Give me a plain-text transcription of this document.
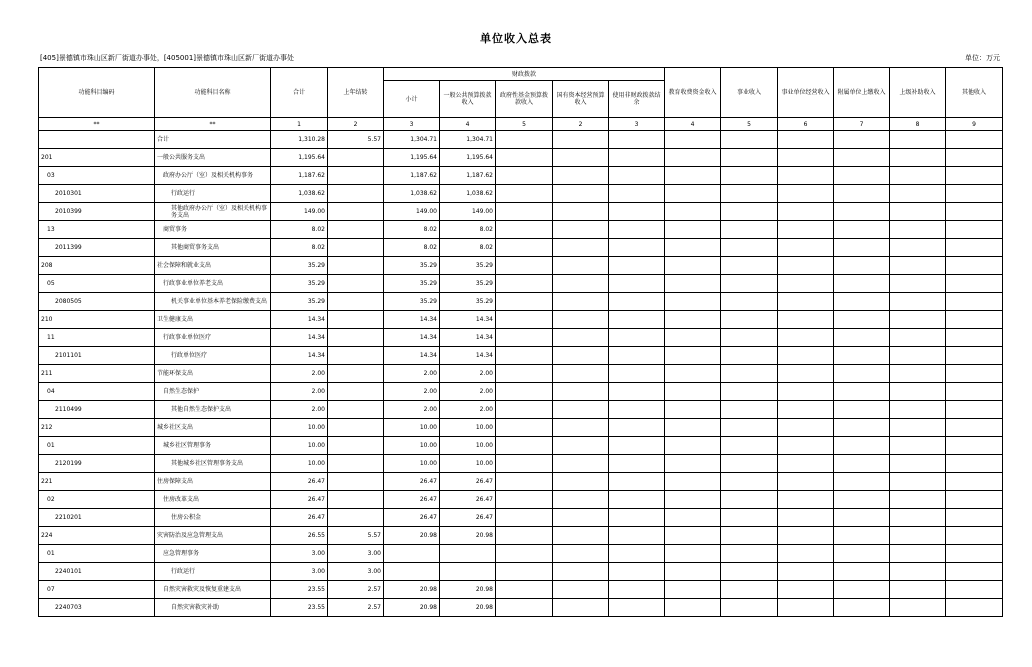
单位收入总表
[405]景德镇市珠山区新厂街道办事处，[405001]景德镇市珠山区新厂街道办事处	单位：万元
功能科目编码	功能科目名称	合计	上年结转	财政拨款					教育收费资金收入	事业收入	事业单位经营收入	附属单位上缴收入	上级补助收入	其他收入
				小计	一般公共预算拨款收入	政府性基金预算拨款收入	国有资本经营预算收入	使用非财政拨款结余						
**	**	1	2	3	4	5	2	3	4	5	6	7	8	9
	合计	1,310.28	5.57	1,304.71	1,304.71									
201	一般公共服务支出	1,195.64		1,195.64	1,195.64									
03	政府办公厅（室）及相关机构事务	1,187.62		1,187.62	1,187.62									
2010301	行政运行	1,038.62		1,038.62	1,038.62									
2010399	其他政府办公厅（室）及相关机构事务支出	149.00		149.00	149.00									
13	商贸事务	8.02		8.02	8.02									
2011399	其他商贸事务支出	8.02		8.02	8.02									
208	社会保障和就业支出	35.29		35.29	35.29									
05	行政事业单位养老支出	35.29		35.29	35.29									
2080505	机关事业单位基本养老保险缴费支出	35.29		35.29	35.29									
210	卫生健康支出	14.34		14.34	14.34									
11	行政事业单位医疗	14.34		14.34	14.34									
2101101	行政单位医疗	14.34		14.34	14.34									
211	节能环保支出	2.00		2.00	2.00									
04	自然生态保护	2.00		2.00	2.00									
2110499	其他自然生态保护支出	2.00		2.00	2.00									
212	城乡社区支出	10.00		10.00	10.00									
01	城乡社区管理事务	10.00		10.00	10.00									
2120199	其他城乡社区管理事务支出	10.00		10.00	10.00									
221	住房保障支出	26.47		26.47	26.47									
02	住房改革支出	26.47		26.47	26.47									
2210201	住房公积金	26.47		26.47	26.47									
224	灾害防治及应急管理支出	26.55	5.57	20.98	20.98									
01	应急管理事务	3.00	3.00											
2240101	行政运行	3.00	3.00											
07	自然灾害救灾及恢复重建支出	23.55	2.57	20.98	20.98									
2240703	自然灾害救灾补助	23.55	2.57	20.98	20.98									
